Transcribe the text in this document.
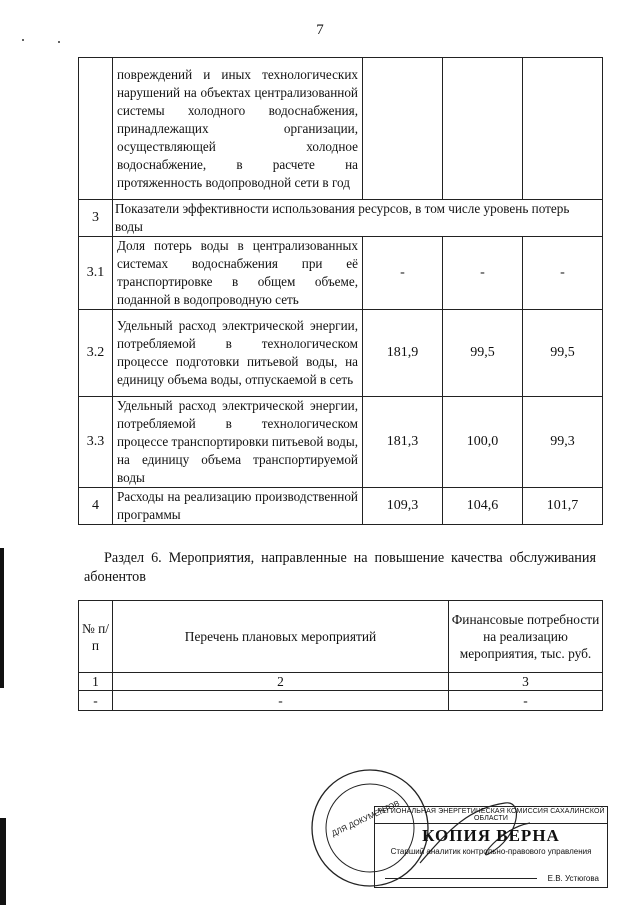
7
	повреждений и иных технологических нарушений на объектах централизованной системы холодного водоснабжения, принадлежащих организации, осуществляющей холодное водоснабжение, в расчете на протяженность водопроводной сети в год			
3	Показатели эффективности использования ресурсов, в том числе уровень потерь воды			
3.1	Доля потерь воды в централизованных системах водоснабжения при её транспортировке в общем объеме, поданной в водопроводную сеть	-	-	-
3.2	Удельный расход электрической энергии, потребляемой в технологическом процессе подготовки питьевой воды, на единицу объема воды, отпускаемой в сеть	181,9	99,5	99,5
3.3	Удельный расход электрической энергии, потребляемой в технологическом процессе транспортировки питьевой воды, на единицу объема транспортируемой воды	181,3	100,0	99,3
4	Расходы на реализацию производственной программы	109,3	104,6	101,7
Раздел 6. Мероприятия, направленные на повышение качества обслуживания абонентов
№ п/п	Перечень плановых мероприятий	Финансовые потребности на реализацию мероприятия, тыс. руб.
1	2	3
-	-	-
ДЛЯ ДОКУМЕНТОВ
РЕГИОНАЛЬНАЯ ЭНЕРГЕТИЧЕСКАЯ КОМИССИЯ САХАЛИНСКОЙ ОБЛАСТИ
КОПИЯ ВЕРНА
Старший аналитик контрольно-правового управления
Е.В. Устюгова
